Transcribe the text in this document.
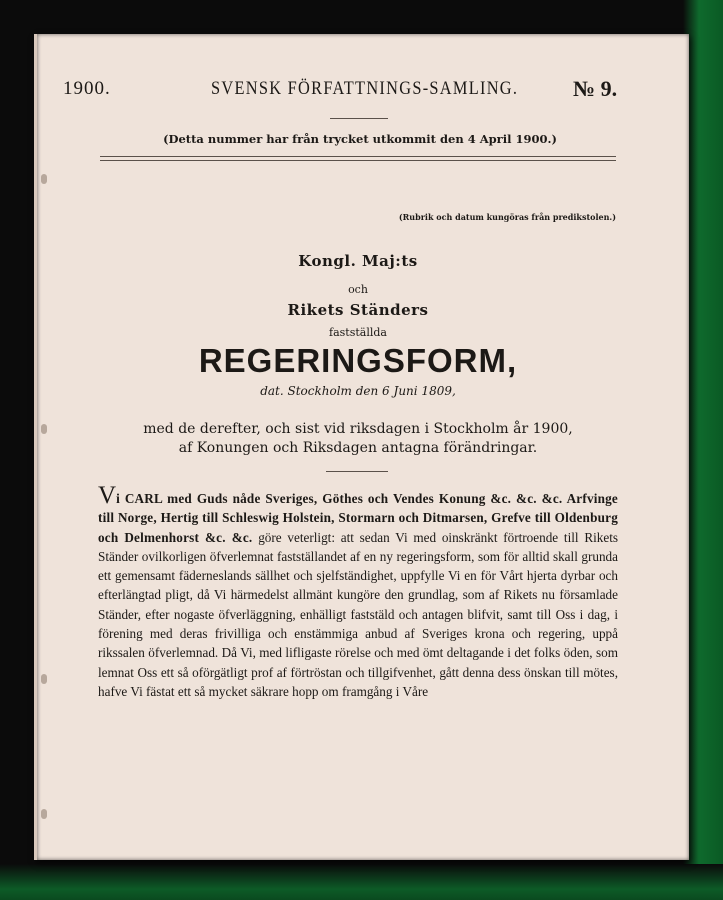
1900.	SVENSK FÖRFATTNINGS-SAMLING. № 9.
(Detta nummer har från trycket utkommit den 4 April 1900.)
(Rubrik och datum kungöras från predikstolen.)
Kongl. Maj:ts
och
Rikets Ständers
fastställda
REGERINGSFORM,
dat. Stockholm den 6 Juni 1809,
med de derefter, och sist vid riksdagen i Stockholm år 1900,
af Konungen och Riksdagen antagna förändringar.
Vi CARL med Guds nåde Sveriges, Göthes och Vendes Konung &c. &c. &c. Arfvinge till Norge, Hertig till Schleswig Holstein, Stormarn och Ditmarsen, Grefve till Oldenburg och Delmenhorst &c. &c. göre veterligt: att sedan Vi med oinskränkt förtroende till Rikets Ständer ovilkorligen öfverlemnat fastställandet af en ny regeringsform, som för alltid skall grunda ett gemensamt fäderneslands sällhet och sjelfständighet, uppfylle Vi en för Vårt hjerta dyrbar och efterlängtad pligt, då Vi härmedelst allmänt kungöre den grundlag, som af Rikets nu församlade Ständer, efter nogaste öfverläggning, enhälligt faststäld och antagen blifvit, samt till Oss i dag, i förening med deras frivilliga och enstämmiga anbud af Sveriges krona och regering, uppå rikssalen öfverlemnad. Då Vi, med lifligaste rörelse och med ömt deltagande i det folks öden, som lemnat Oss ett så oförgätligt prof af förtröstan och tillgifvenhet, gått denna dess önskan till mötes, hafve Vi fästat ett så mycket säkrare hopp om framgång i Våre
